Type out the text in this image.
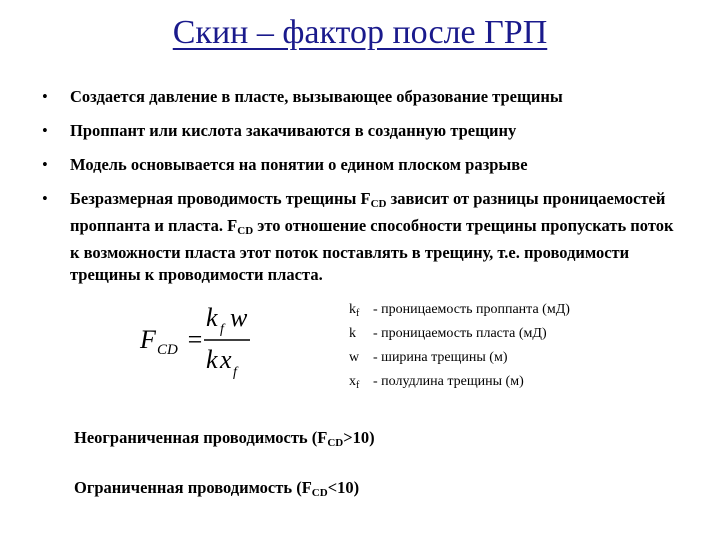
Скин – фактор после ГРП
• Создается давление в пласте, вызывающее образование трещины
• Проппант или кислота закачиваются в созданную трещину
• Модель основывается на понятии о едином плоском разрыве
• Безразмерная проводимость трещины $F_{CD}$ зависит от разницы проницаемостей проппанта и пласта. $F_{CD}$ это отношение способности трещины пропускать поток к возможности пласта этот поток поставлять в трещину, т.е. проводимости трещины к проводимости пласта.
F CD =
k f w
k x f
$k_f$ - проницаемость проппанта (мД)
k	- проницаемость пласта (мД)
w - ширина трещины (м)
$x_f$ - полудлина трещины (м)
Неограниченная проводимость $(F_{CD}>10)$
Ограниченная проводимость $(F_{CD}<10)$
